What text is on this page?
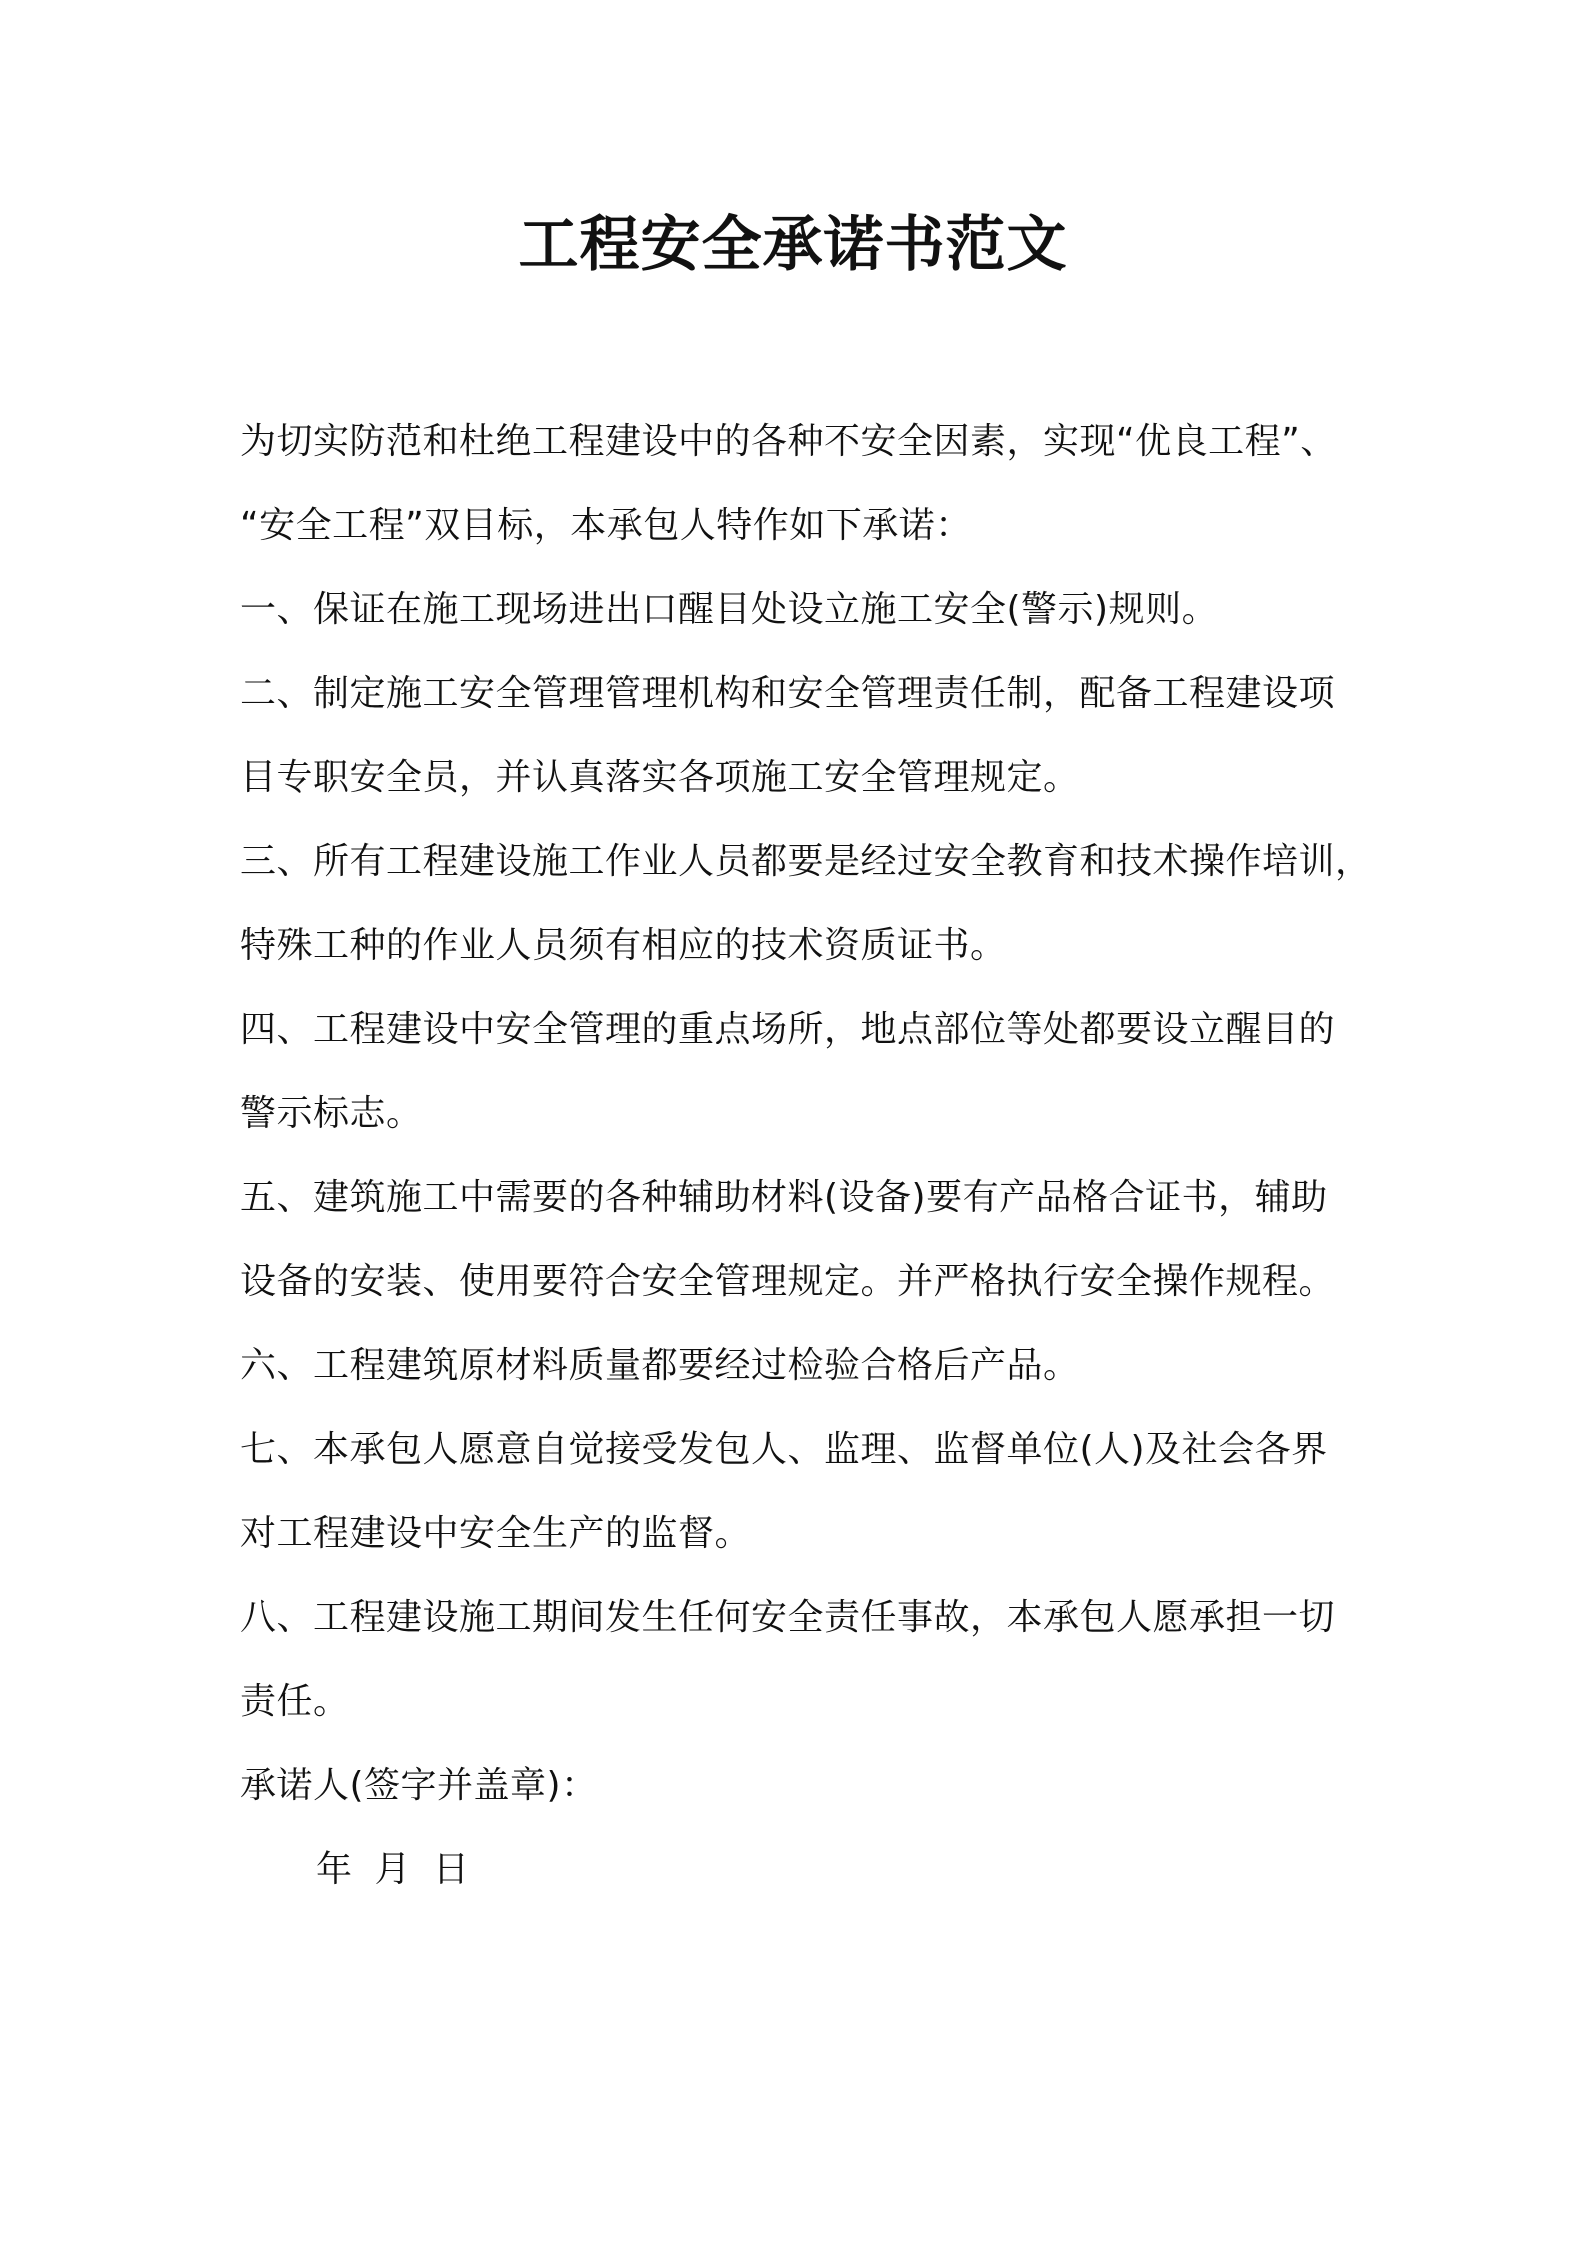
工程安全承诺书范文
为切实防范和杜绝工程建设中的各种不安全因素，实现“优良工程”、
“安全工程”双目标，本承包人特作如下承诺：
一、保证在施工现场进出口醒目处设立施工安全(警示)规则。
二、制定施工安全管理管理机构和安全管理责任制，配备工程建设项
目专职安全员，并认真落实各项施工安全管理规定。
三、所有工程建设施工作业人员都要是经过安全教育和技术操作培训，
特殊工种的作业人员须有相应的技术资质证书。
四、工程建设中安全管理的重点场所，地点部位等处都要设立醒目的
警示标志。
五、建筑施工中需要的各种辅助材料(设备)要有产品格合证书，辅助
设备的安装、使用要符合安全管理规定。并严格执行安全操作规程。
六、工程建筑原材料质量都要经过检验合格后产品。
七、本承包人愿意自觉接受发包人、监理、监督单位(人)及社会各界
对工程建设中安全生产的监督。
八、工程建设施工期间发生任何安全责任事故，本承包人愿承担一切
责任。
承诺人(签字并盖章)：
年 月 日
